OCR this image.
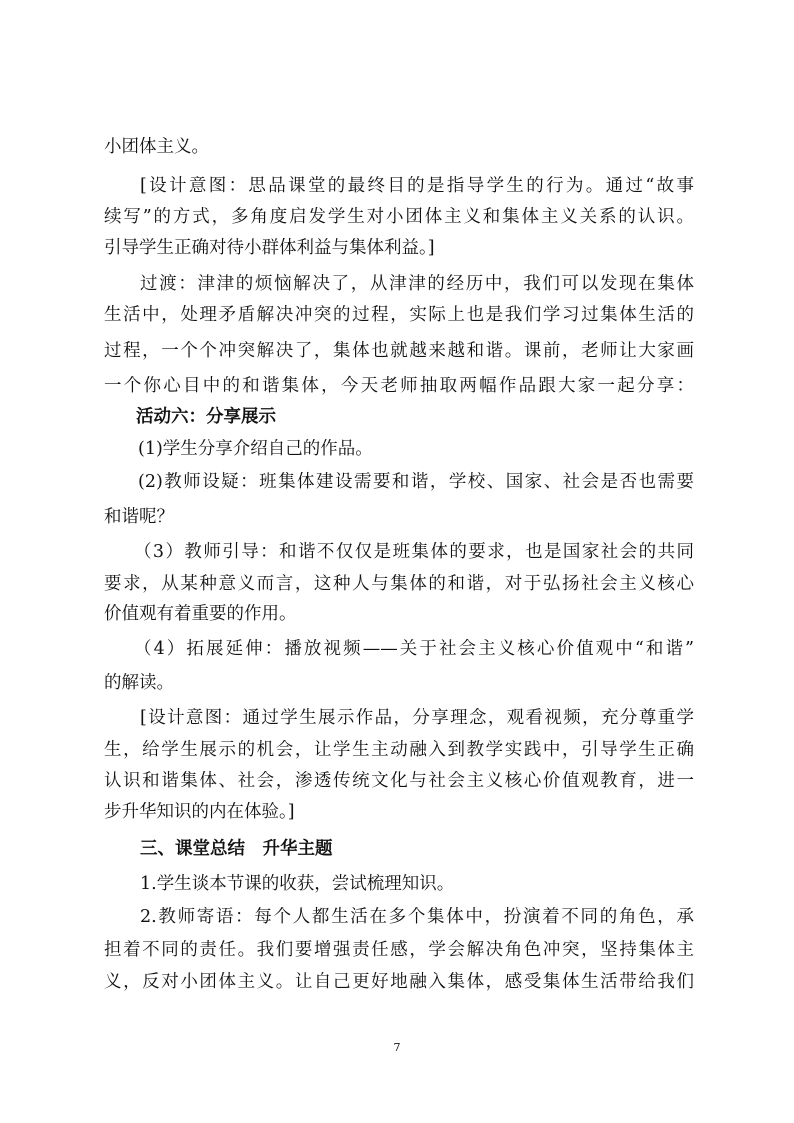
小团体主义。
[设计意图：思品课堂的最终目的是指导学生的行为。通过“故事
续写”的方式，多角度启发学生对小团体主义和集体主义关系的认识。
引导学生正确对待小群体利益与集体利益。]
过渡：津津的烦恼解决了，从津津的经历中，我们可以发现在集体
生活中，处理矛盾解决冲突的过程，实际上也是我们学习过集体生活的
过程，一个个冲突解决了，集体也就越来越和谐。课前，老师让大家画
一个你心目中的和谐集体，今天老师抽取两幅作品跟大家一起分享：
活动六：分享展示
(1)学生分享介绍自己的作品。
(2)教师设疑：班集体建设需要和谐，学校、国家、社会是否也需要
和谐呢？
（3）教师引导：和谐不仅仅是班集体的要求，也是国家社会的共同
要求，从某种意义而言，这种人与集体的和谐，对于弘扬社会主义核心
价值观有着重要的作用。
（4）拓展延伸：播放视频——关于社会主义核心价值观中“和谐”
的解读。
[设计意图：通过学生展示作品，分享理念，观看视频，充分尊重学
生，给学生展示的机会，让学生主动融入到教学实践中，引导学生正确
认识和谐集体、社会，渗透传统文化与社会主义核心价值观教育，进一
步升华知识的内在体验。]
三、课堂总结　升华主题
1.学生谈本节课的收获，尝试梳理知识。
2.教师寄语：每个人都生活在多个集体中，扮演着不同的角色，承
担着不同的责任。我们要增强责任感，学会解决角色冲突，坚持集体主
义，反对小团体主义。让自己更好地融入集体，感受集体生活带给我们
7
